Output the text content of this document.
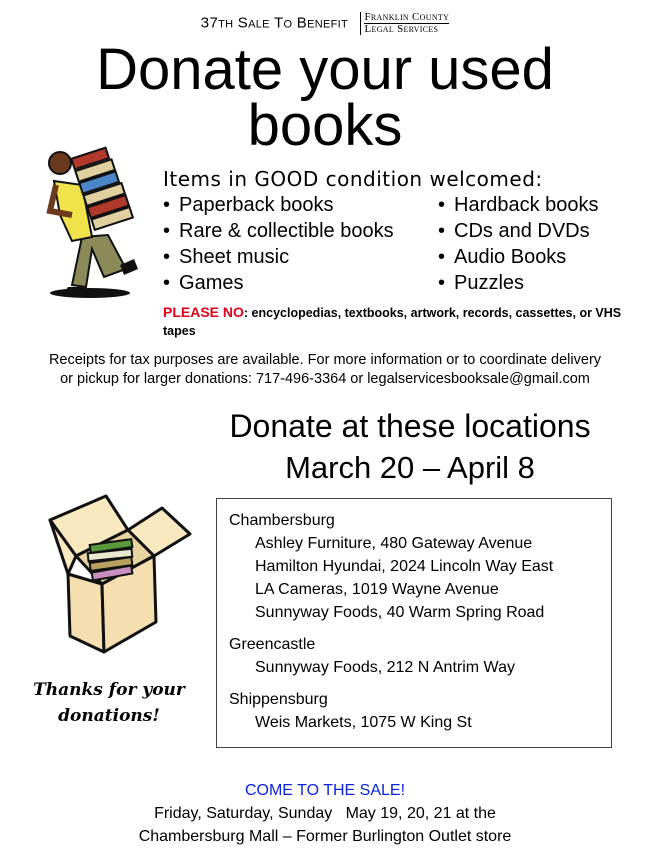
37th Sale To Benefit Franklin County
Legal Services
Donate your used
books
Items in GOOD condition welcomed:
• Paperback books	• Hardback books
• Rare & collectible books	• CDs and DVDs
• Sheet music	• Audio Books
• Games	• Puzzles
PLEASE NO: encyclopedias, textbooks, artwork, records, cassettes, or VHS tapes
Receipts for tax purposes are available. For more information or to coordinate delivery
or pickup for larger donations: 717-496-3364 or legalservicesbooksale@gmail.com
Donate at these locations
March 20 – April 8
Chambersburg
Ashley Furniture, 480 Gateway Avenue
Hamilton Hyundai, 2024 Lincoln Way East
LA Cameras, 1019 Wayne Avenue
Sunnyway Foods, 40 Warm Spring Road
Greencastle
Sunnyway Foods, 212 N Antrim Way
Shippensburg
Weis Markets, 1075 W King St
Thanks for your
donations!
COME TO THE SALE!
Friday, Saturday, Sunday   May 19, 20, 21 at the
Chambersburg Mall – Former Burlington Outlet store
